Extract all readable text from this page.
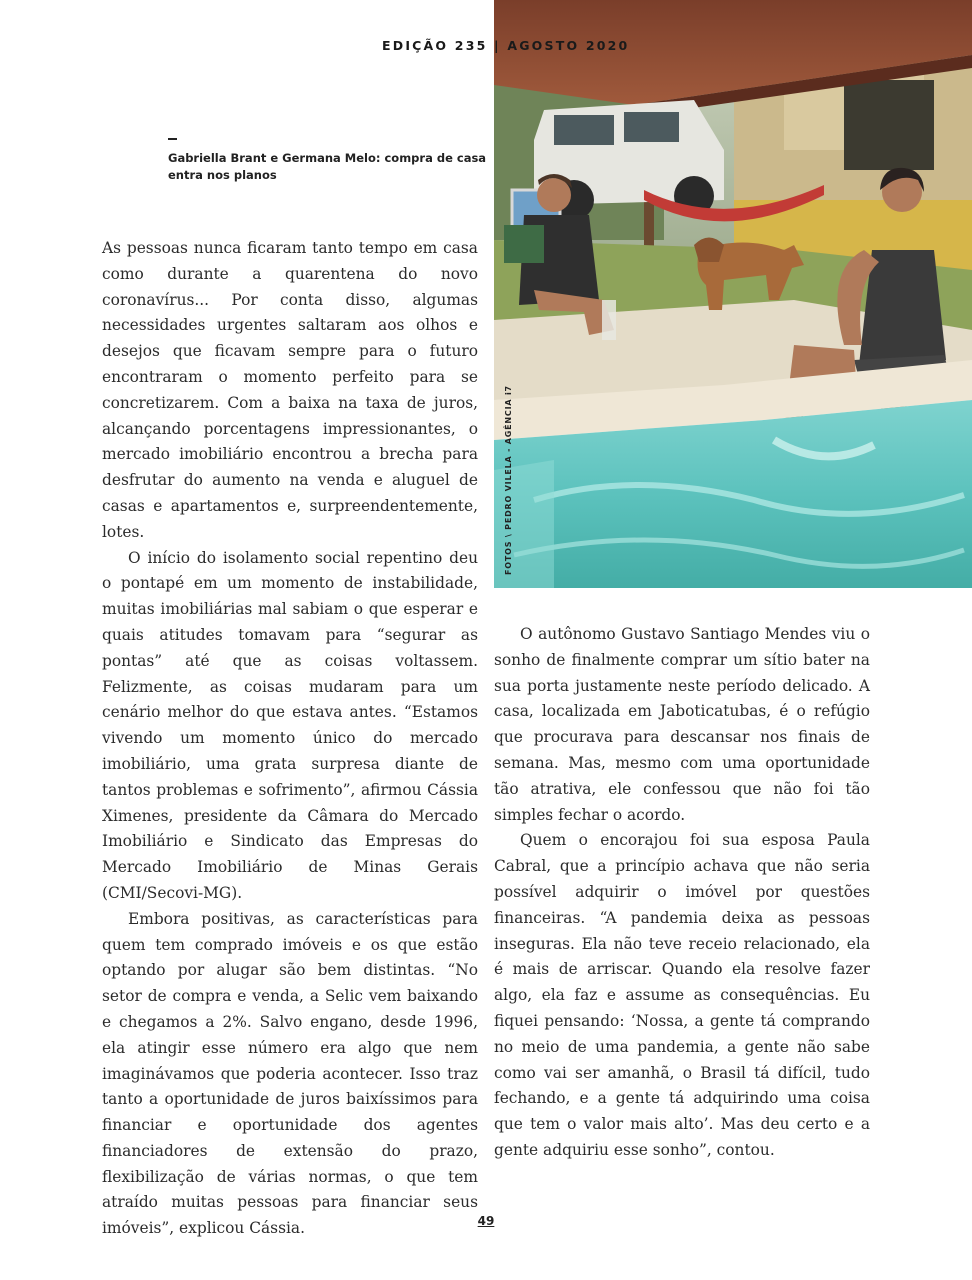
EDIÇÃO 235 | AGOSTO 2020
Gabriella Brant e Germana Melo: compra de casa entra nos planos
FOTOS \ PEDRO VILELA - AGÊNCIA i7

As pessoas nunca ficaram tanto tempo em casa como durante a quarentena do novo coronavírus... Por conta disso, algumas necessidades urgentes saltaram aos olhos e desejos que ficavam sempre para o futuro encontraram o momento perfeito para se concretizarem. Com a baixa na taxa de juros, alcançando porcentagens impressionantes, o mercado imobiliário encontrou a brecha para desfrutar do aumento na venda e aluguel de casas e apartamentos e, surpreendentemente, lotes.

O início do isolamento social repentino deu o pontapé em um momento de instabilidade, muitas imobiliárias mal sabiam o que esperar e quais atitudes tomavam para “segurar as pontas” até que as coisas voltassem. Felizmente, as coisas mudaram para um cenário melhor do que estava antes. “Estamos vivendo um momento único do mercado imobiliário, uma grata surpresa diante de tantos problemas e sofrimento”, afirmou Cássia Ximenes, presidente da Câmara do Mercado Imobiliário e Sindicato das Empresas do Mercado Imobiliário de Minas Gerais (CMI/Secovi-MG).

Embora positivas, as características para quem tem comprado imóveis e os que estão optando por alugar são bem distintas. “No setor de compra e venda, a Selic vem baixando e chegamos a 2%. Salvo engano, desde 1996, ela atingir esse número era algo que nem imaginávamos que poderia acontecer. Isso traz tanto a oportunidade de juros baixíssimos para financiar e oportunidade dos agentes financiadores de extensão do prazo, flexibilização de várias normas, o que tem atraído muitas pessoas para financiar seus imóveis”, explicou Cássia.

O autônomo Gustavo Santiago Mendes viu o sonho de finalmente comprar um sítio bater na sua porta justamente neste período delicado. A casa, localizada em Jaboticatubas, é o refúgio que procurava para descansar nos finais de semana. Mas, mesmo com uma oportunidade tão atrativa, ele confessou que não foi tão simples fechar o acordo.

Quem o encorajou foi sua esposa Paula Cabral, que a princípio achava que não seria possível adquirir o imóvel por questões financeiras. “A pandemia deixa as pessoas inseguras. Ela não teve receio relacionado, ela é mais de arriscar. Quando ela resolve fazer algo, ela faz e assume as consequências. Eu fiquei pensando: ‘Nossa, a gente tá comprando no meio de uma pandemia, a gente não sabe como vai ser amanhã, o Brasil tá difícil, tudo fechando, e a gente tá adquirindo uma coisa que tem o valor mais alto’. Mas deu certo e a gente adquiriu esse sonho”, contou.

49
